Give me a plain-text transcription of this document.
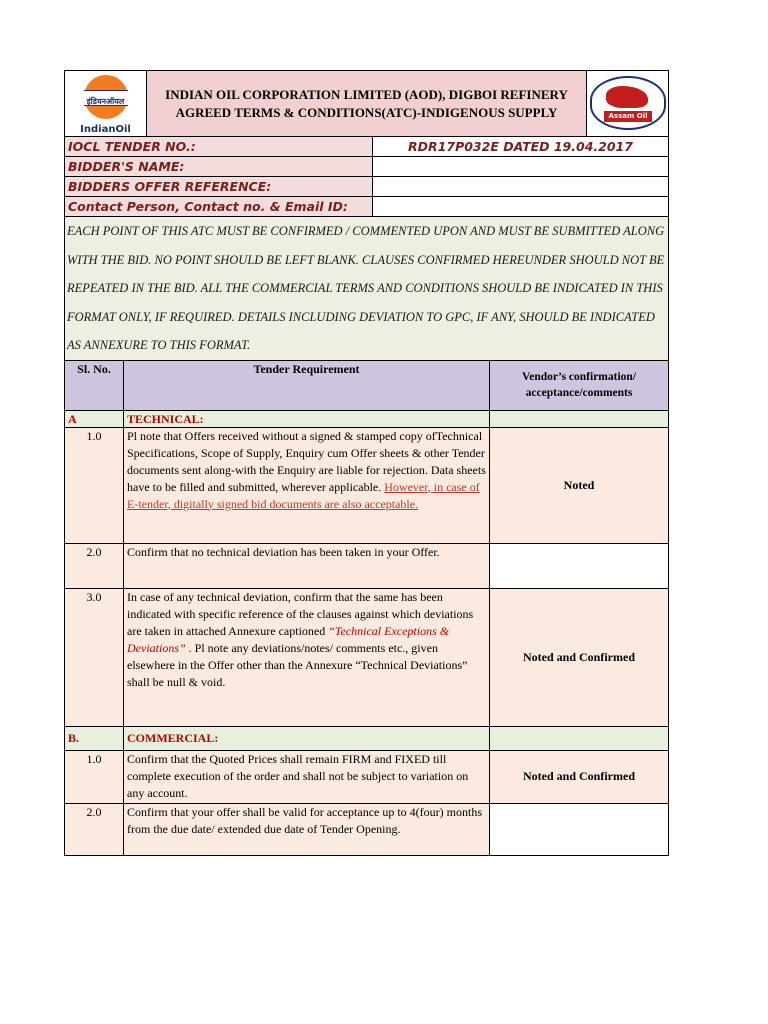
इंडियनऑयल
IndianOil

INDIAN OIL CORPORATION LIMITED (AOD), DIGBOI REFINERY
AGREED TERMS & CONDITIONS(ATC)-INDIGENOUS SUPPLY	Assam Oil
IOCL TENDER NO.:	RDR17P032E DATED 19.04.2017
BIDDER'S NAME:	
BIDDERS OFFER REFERENCE:	
Contact Person, Contact no. & Email ID:	
EACH POINT OF THIS ATC MUST BE CONFIRMED / COMMENTED UPON AND MUST BE SUBMITTED ALONG WITH THE BID. NO POINT SHOULD BE LEFT BLANK. CLAUSES CONFIRMED HEREUNDER SHOULD NOT BE REPEATED IN THE BID. ALL THE COMMERCIAL TERMS AND CONDITIONS SHOULD BE INDICATED IN THIS FORMAT ONLY, IF REQUIRED. DETAILS INCLUDING DEVIATION TO GPC, IF ANY, SHOULD BE INDICATED AS ANNEXURE TO THIS FORMAT.	
Sl. No.	Tender Requirement	Vendor’s confirmation/ acceptance/comments
A	TECHNICAL:	
1.0	Pl note that Offers received without a signed & stamped copy ofTechnical Specifications, Scope of Supply, Enquiry cum Offer sheets & other Tender documents sent along-with the Enquiry are liable for rejection. Data sheets have to be filled and submitted, wherever applicable. However, in case of E-tender, digitally signed bid documents are also acceptable.	Noted
2.0	Confirm that no technical deviation has been taken in your Offer.	
3.0	In case of any technical deviation, confirm that the same has been indicated with specific reference of the clauses against which deviations are taken in attached Annexure captioned “Technical Exceptions & Deviations” . Pl note any deviations/notes/ comments etc., given elsewhere in the Offer other than the Annexure “Technical Deviations” shall be null & void.	Noted and Confirmed
B.	COMMERCIAL:	
1.0	Confirm that the Quoted Prices shall remain FIRM and FIXED till complete execution of the order and shall not be subject to variation on any account.	Noted and Confirmed
2.0	Confirm that your offer shall be valid for acceptance up to 4(four) months from the due date/ extended due date of Tender Opening.	
